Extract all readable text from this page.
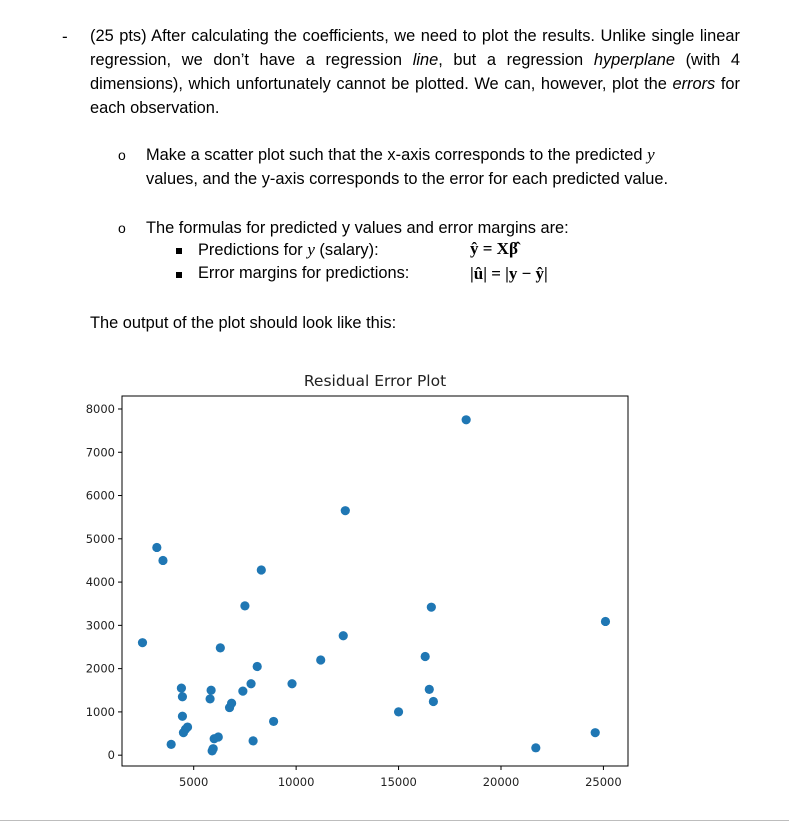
- (25 pts) After calculating the coefficients, we need to plot the results. Unlike single linear regression, we don’t have a regression line, but a regression hyperplane (with 4 dimensions), which unfortunately cannot be plotted. We can, however, plot the errors for each observation.
o Make a scatter plot such that the x-axis corresponds to the predicted y
values, and the y-axis corresponds to the error for each predicted value.
o The formulas for predicted y values and error margins are:
Predictions for y (salary):	ŷ = Xβ̂
Error margins for predictions:	|û| = |y − ŷ|
The output of the plot should look like this:
Residual Error Plot
5000	10000	15000	20000	25000
0
1000
2000
3000
4000
5000
6000
7000
8000
